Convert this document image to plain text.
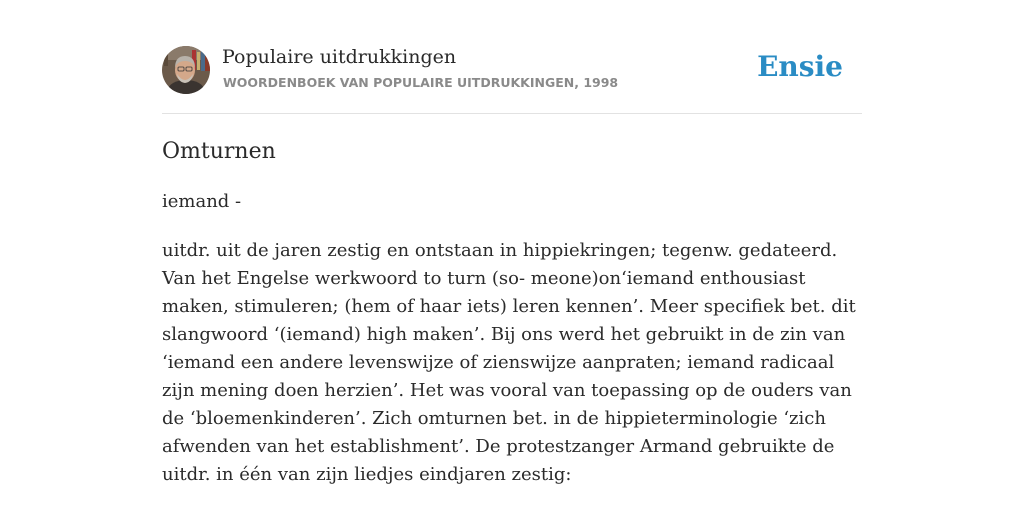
Populaire uitdrukkingen
WOORDENBOEK VAN POPULAIRE UITDRUKKINGEN, 1998	Ensie
Omturnen

iemand -

uitdr. uit de jaren zestig en ontstaan in hippiekringen; tegenw. gedateerd. Van het Engelse werkwoord to turn (so- meone)on‘iemand enthousiast maken, stimuleren; (hem of haar iets) leren kennen’. Meer specifiek bet. dit slangwoord ‘(iemand) high maken’. Bij ons werd het gebruikt in de zin van ‘iemand een andere levenswijze of zienswijze aanpraten; iemand radicaal zijn mening doen herzien’. Het was vooral van toepassing op de ouders van de ‘bloemenkinderen’. Zich omturnen bet. in de hippieterminologie ‘zich afwenden van het establishment’. De protestzanger Armand gebruikte de uitdr. in één van zijn liedjes eindjaren zestig:
